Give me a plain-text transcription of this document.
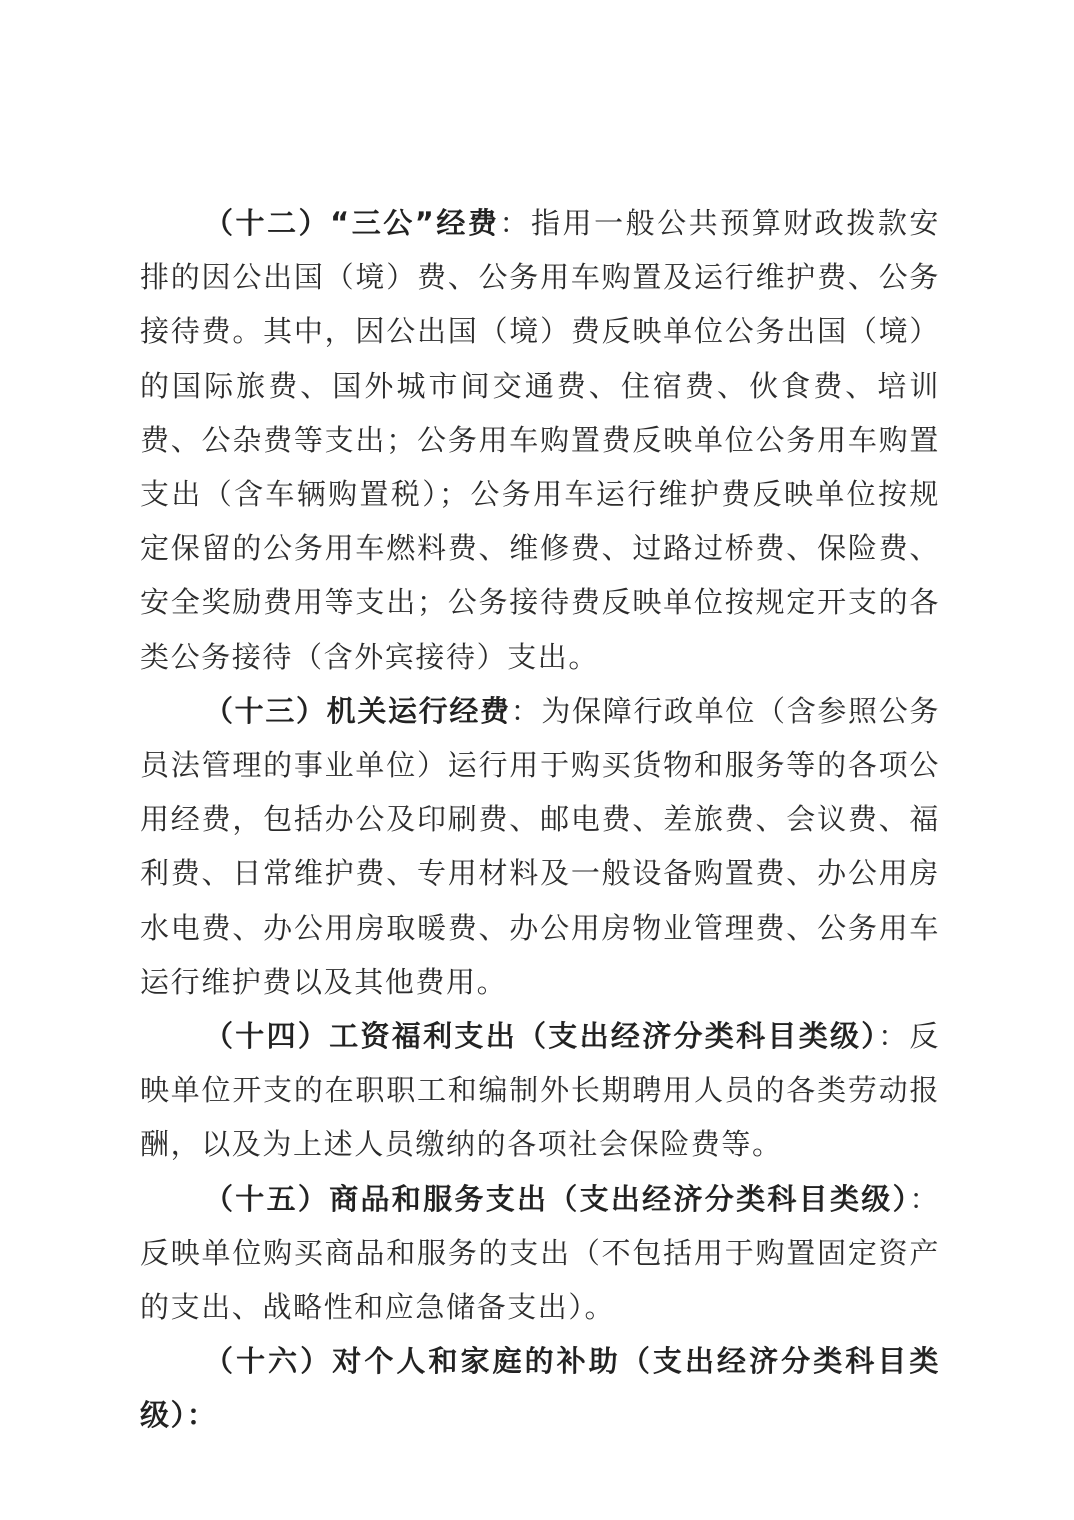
（十二）“三公”经费：指用一般公共预算财政拨款安排的因公出国（境）费、公务用车购置及运行维护费、公务接待费。其中，因公出国（境）费反映单位公务出国（境）的国际旅费、国外城市间交通费、住宿费、伙食费、培训费、公杂费等支出；公务用车购置费反映单位公务用车购置支出（含车辆购置税）；公务用车运行维护费反映单位按规定保留的公务用车燃料费、维修费、过路过桥费、保险费、安全奖励费用等支出；公务接待费反映单位按规定开支的各类公务接待（含外宾接待）支出。

（十三）机关运行经费：为保障行政单位（含参照公务员法管理的事业单位）运行用于购买货物和服务等的各项公用经费，包括办公及印刷费、邮电费、差旅费、会议费、福利费、日常维护费、专用材料及一般设备购置费、办公用房水电费、办公用房取暖费、办公用房物业管理费、公务用车运行维护费以及其他费用。

（十四）工资福利支出（支出经济分类科目类级）：反映单位开支的在职职工和编制外长期聘用人员的各类劳动报酬，以及为上述人员缴纳的各项社会保险费等。

（十五）商品和服务支出（支出经济分类科目类级）：反映单位购买商品和服务的支出（不包括用于购置固定资产的支出、战略性和应急储备支出）。

（十六）对个人和家庭的补助（支出经济分类科目类级）：
